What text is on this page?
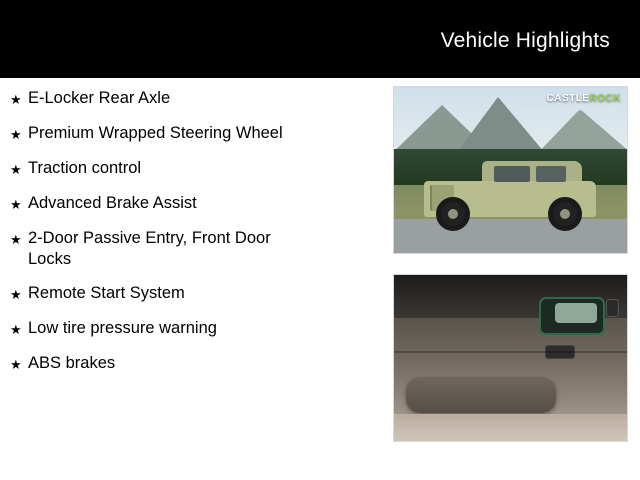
Vehicle Highlights
★ E-Locker Rear Axle
★ Premium Wrapped Steering Wheel
★ Traction control
★ Advanced Brake Assist
★ 2-Door Passive Entry, Front Door Locks
★ Remote Start System
★ Low tire pressure warning
★ ABS brakes
CASTLEROCK
CHRYSLER DODGE JEEP RAM
